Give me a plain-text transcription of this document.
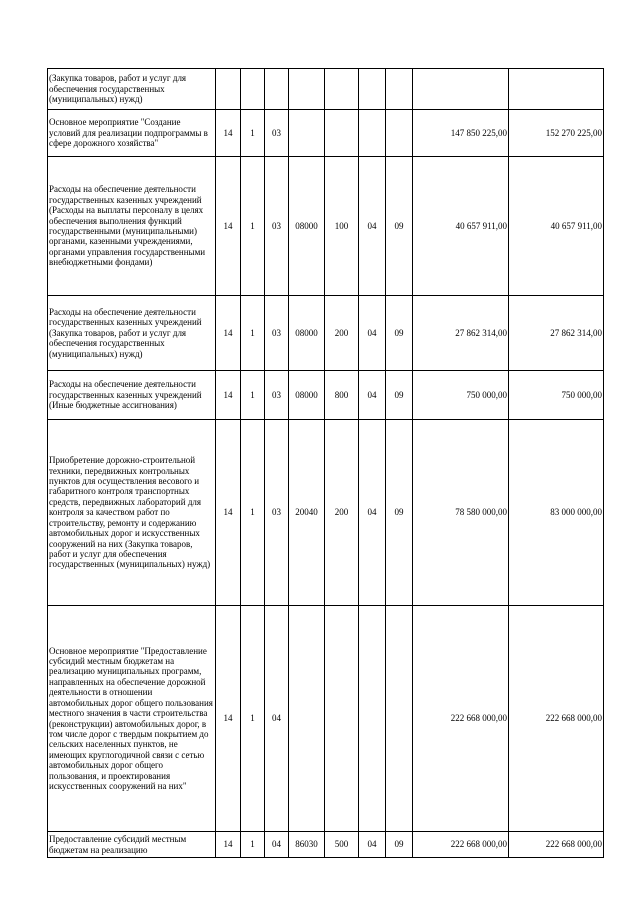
(Закупка товаров, работ и услуг для обеспечения государственных (муниципальных) нужд)									
Основное мероприятие "Создание условий для реализации подпрограммы в сфере дорожного хозяйства"	14	1	03					147 850 225,00	152 270 225,00
Расходы на обеспечение деятельности государственных казенных учреждений (Расходы на выплаты персоналу в целях обеспечения выполнения функций государственными (муниципальными) органами, казенными учреждениями, органами управления государственными внебюджетными фондами)	14	1	03	08000	100	04	09	40 657 911,00	40 657 911,00
Расходы на обеспечение деятельности государственных казенных учреждений (Закупка товаров, работ и услуг для обеспечения государственных (муниципальных) нужд)	14	1	03	08000	200	04	09	27 862 314,00	27 862 314,00
Расходы на обеспечение деятельности государственных казенных учреждений (Иные бюджетные ассигнования)	14	1	03	08000	800	04	09	750 000,00	750 000,00
Приобретение дорожно-строительной техники, передвижных контрольных пунктов для осуществления весового и габаритного контроля транспортных средств, передвижных лабораторий для контроля за качеством работ по строительству, ремонту и содержанию автомобильных дорог и искусственных сооружений на них (Закупка товаров, работ и услуг для обеспечения государственных (муниципальных) нужд)	14	1	03	20040	200	04	09	78 580 000,00	83 000 000,00
Основное мероприятие "Предоставление субсидий местным бюджетам на реализацию муниципальных программ, направленных на обеспечение дорожной деятельности в отношении автомобильных дорог общего пользования местного значения в части строительства (реконструкции) автомобильных дорог, в том числе дорог с твердым покрытием до сельских населенных пунктов, не имеющих круглогодичной связи с сетью автомобильных дорог общего пользования, и проектирования искусственных сооружений на них"	14	1	04					222 668 000,00	222 668 000,00
Предоставление субсидий местным бюджетам на реализацию	14	1	04	86030	500	04	09	222 668 000,00	222 668 000,00
